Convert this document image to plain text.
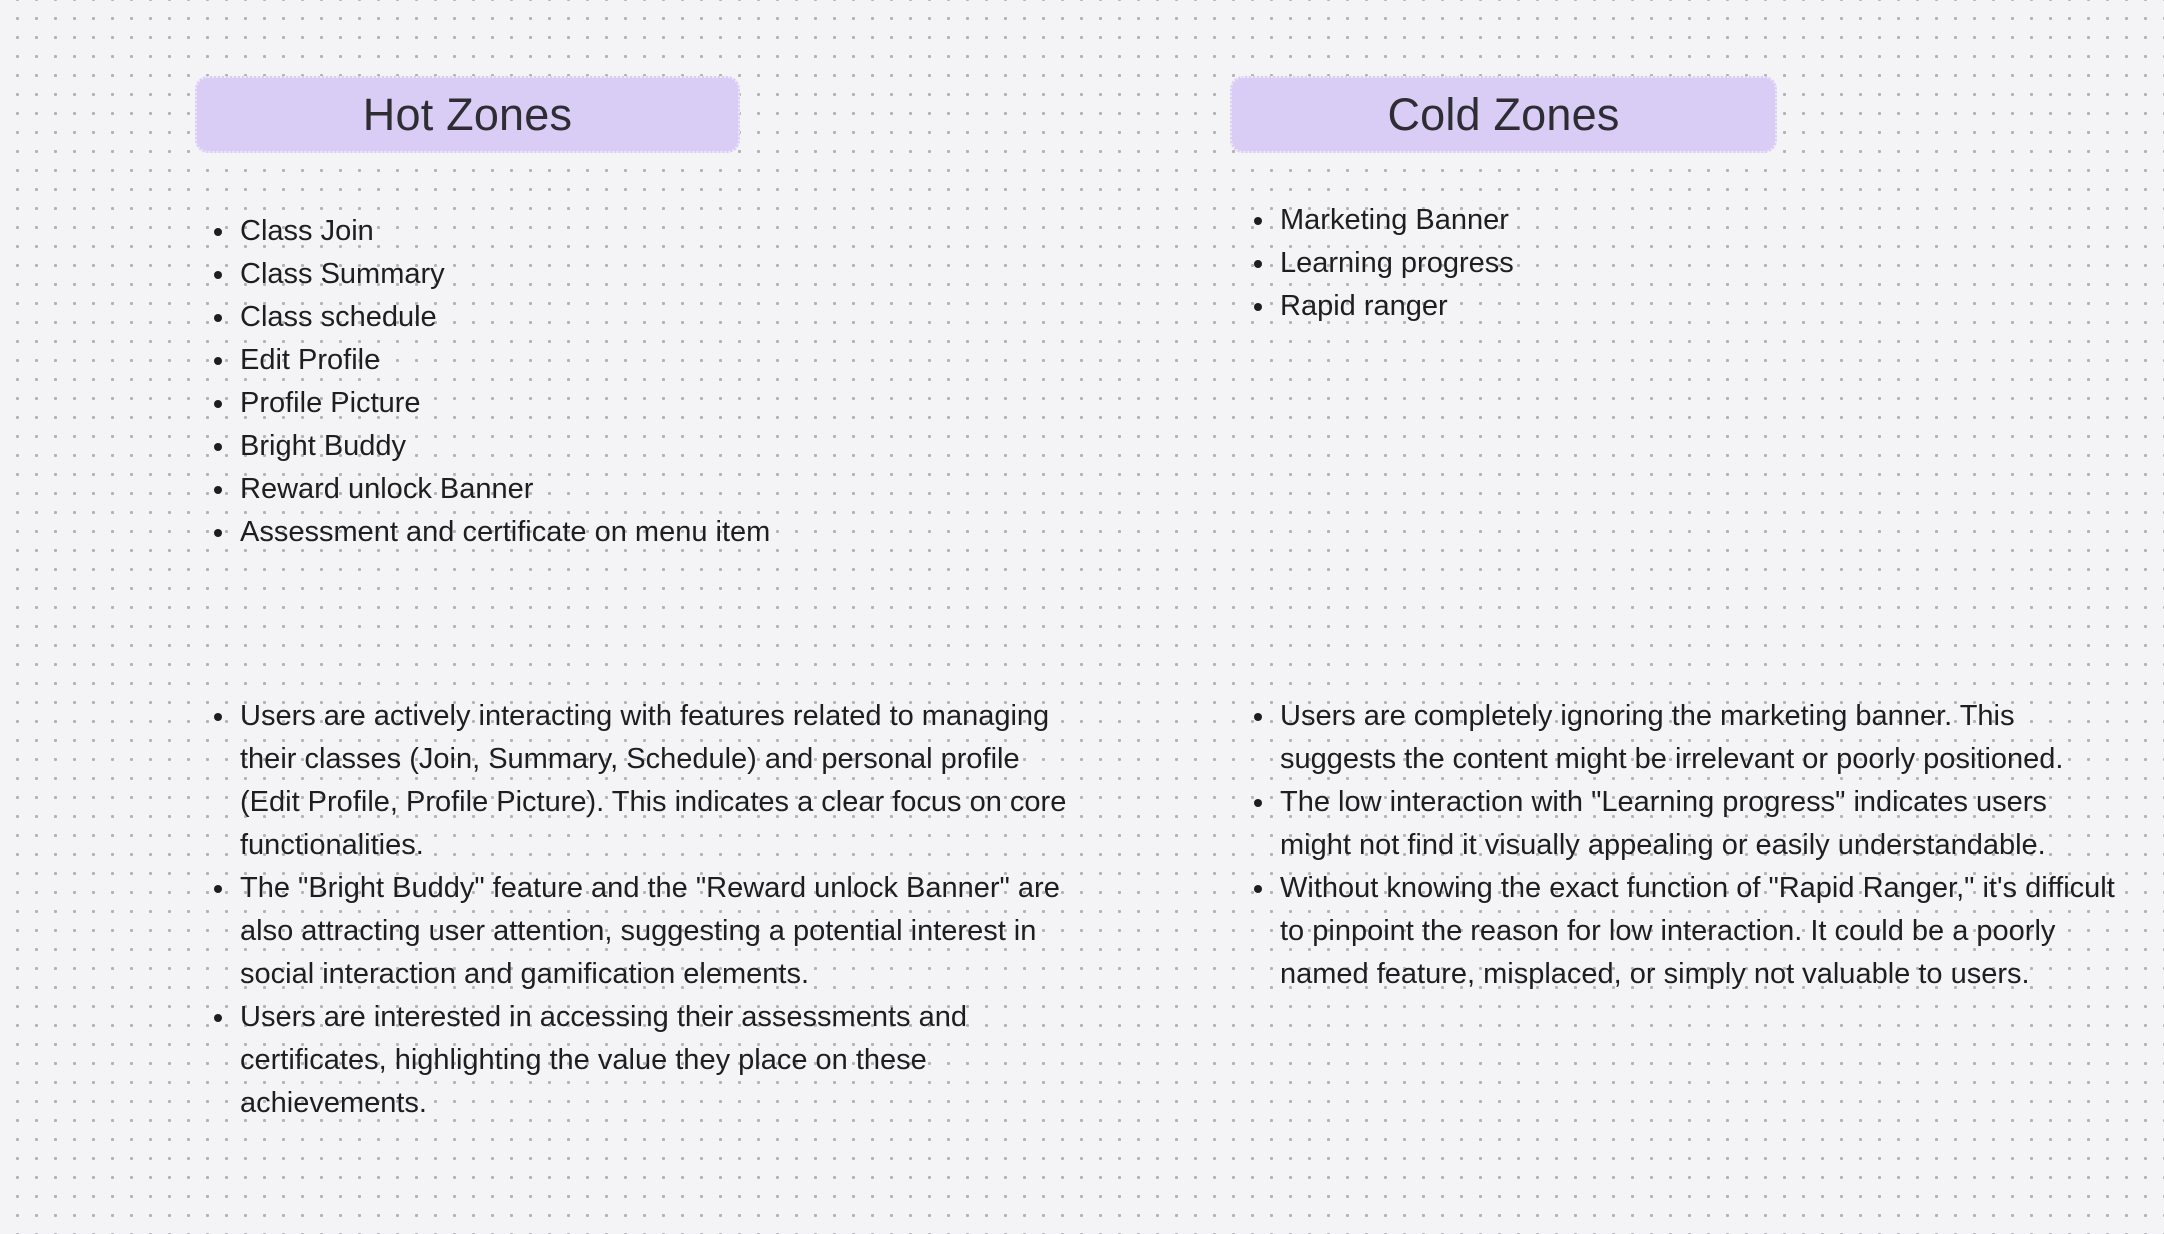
Hot Zones	Cold Zones
• Class Join
• Class Summary
• Class schedule
• Edit Profile
• Profile Picture
• Bright Buddy
• Reward unlock Banner
• Assessment and certificate on menu item
• Marketing Banner
• Learning progress
• Rapid ranger
• Users are actively interacting with features related to managing their classes (Join, Summary, Schedule) and personal profile (Edit Profile, Profile Picture). This indicates a clear focus on core functionalities.
• The "Bright Buddy" feature and the "Reward unlock Banner" are also attracting user attention, suggesting a potential interest in social interaction and gamification elements.
• Users are interested in accessing their assessments and certificates, highlighting the value they place on these achievements.
• Users are completely ignoring the marketing banner. This suggests the content might be irrelevant or poorly positioned.
• The low interaction with "Learning progress" indicates users might not find it visually appealing or easily understandable.
• Without knowing the exact function of "Rapid Ranger," it's difficult to pinpoint the reason for low interaction. It could be a poorly named feature, misplaced, or simply not valuable to users.
